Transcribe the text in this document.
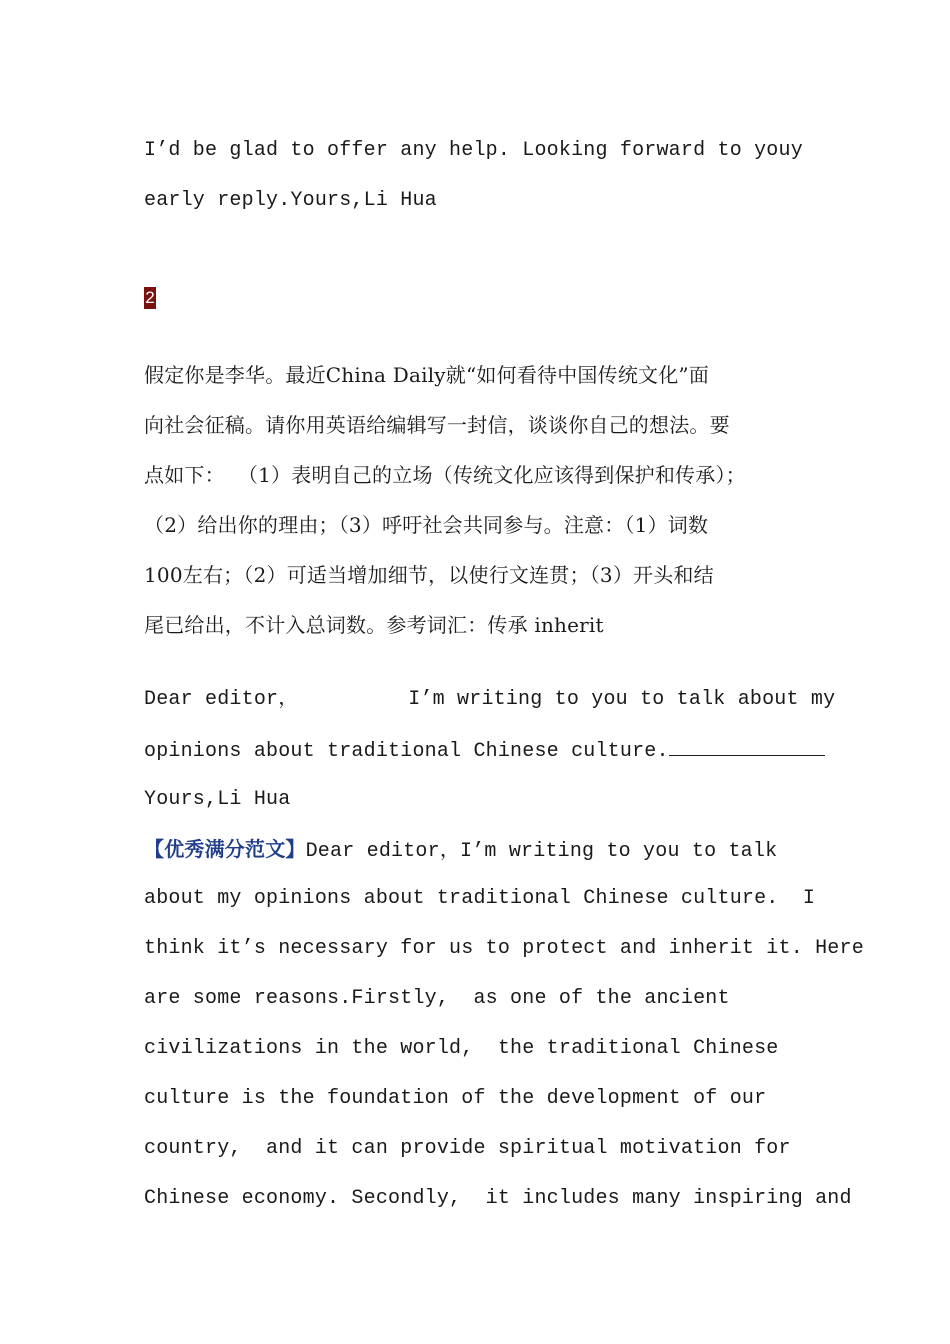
I’d be glad to offer any help. Looking forward to youy
early reply.Yours,Li Hua
2
假定你是李华。最近China Daily就“如何看待中国传统文化”面
向社会征稿。请你用英语给编辑写一封信，谈谈你自己的想法。要
点如下：  （1）表明自己的立场（传统文化应该得到保护和传承）；
（2）给出你的理由；（3）呼吁社会共同参与。注意：（1）词数
100左右；（2）可适当增加细节，以使行文连贯；（3）开头和结
尾已给出，不计入总词数。参考词汇：传承 inherit
Dear editor，         I’m writing to you to talk about my
opinions about traditional Chinese culture.
Yours,Li Hua
【优秀满分范文】Dear editor，I’m writing to you to talk
about my opinions about traditional Chinese culture.  I
think it’s necessary for us to protect and inherit it. Here
are some reasons.Firstly,  as one of the ancient
civilizations in the world,  the traditional Chinese
culture is the foundation of the development of our
country,  and it can provide spiritual motivation for
Chinese economy. Secondly,  it includes many inspiring and
